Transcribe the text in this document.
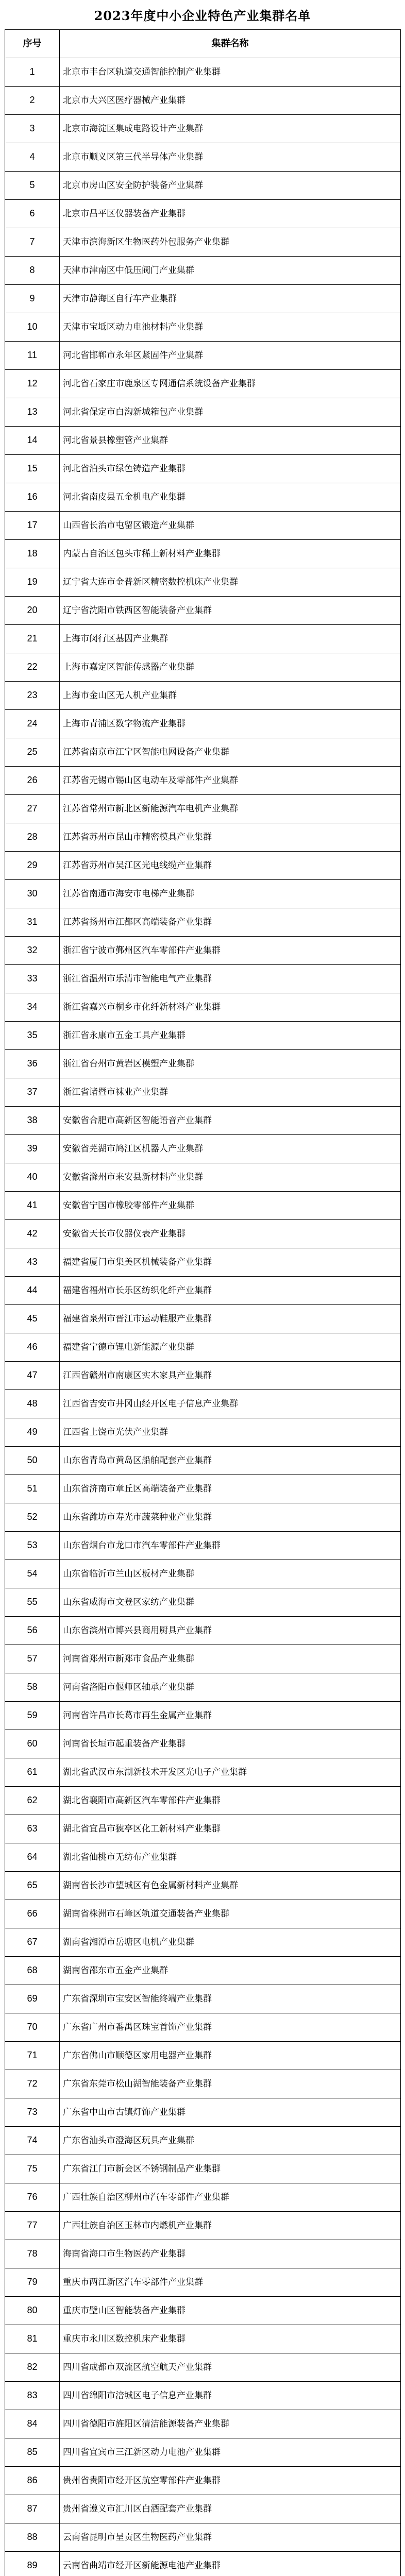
2023年度中小企业特色产业集群名单
序号	集群名称
1	北京市丰台区轨道交通智能控制产业集群
2	北京市大兴区医疗器械产业集群
3	北京市海淀区集成电路设计产业集群
4	北京市顺义区第三代半导体产业集群
5	北京市房山区安全防护装备产业集群
6	北京市昌平区仪器装备产业集群
7	天津市滨海新区生物医药外包服务产业集群
8	天津市津南区中低压阀门产业集群
9	天津市静海区自行车产业集群
10	天津市宝坻区动力电池材料产业集群
11	河北省邯郸市永年区紧固件产业集群
12	河北省石家庄市鹿泉区专网通信系统设备产业集群
13	河北省保定市白沟新城箱包产业集群
14	河北省景县橡塑管产业集群
15	河北省泊头市绿色铸造产业集群
16	河北省南皮县五金机电产业集群
17	山西省长治市屯留区锻造产业集群
18	内蒙古自治区包头市稀土新材料产业集群
19	辽宁省大连市金普新区精密数控机床产业集群
20	辽宁省沈阳市铁西区智能装备产业集群
21	上海市闵行区基因产业集群
22	上海市嘉定区智能传感器产业集群
23	上海市金山区无人机产业集群
24	上海市青浦区数字物流产业集群
25	江苏省南京市江宁区智能电网设备产业集群
26	江苏省无锡市锡山区电动车及零部件产业集群
27	江苏省常州市新北区新能源汽车电机产业集群
28	江苏省苏州市昆山市精密模具产业集群
29	江苏省苏州市吴江区光电线缆产业集群
30	江苏省南通市海安市电梯产业集群
31	江苏省扬州市江都区高端装备产业集群
32	浙江省宁波市鄞州区汽车零部件产业集群
33	浙江省温州市乐清市智能电气产业集群
34	浙江省嘉兴市桐乡市化纤新材料产业集群
35	浙江省永康市五金工具产业集群
36	浙江省台州市黄岩区模塑产业集群
37	浙江省诸暨市袜业产业集群
38	安徽省合肥市高新区智能语音产业集群
39	安徽省芜湖市鸠江区机器人产业集群
40	安徽省滁州市来安县新材料产业集群
41	安徽省宁国市橡胶零部件产业集群
42	安徽省天长市仪器仪表产业集群
43	福建省厦门市集美区机械装备产业集群
44	福建省福州市长乐区纺织化纤产业集群
45	福建省泉州市晋江市运动鞋服产业集群
46	福建省宁德市锂电新能源产业集群
47	江西省赣州市南康区实木家具产业集群
48	江西省吉安市井冈山经开区电子信息产业集群
49	江西省上饶市光伏产业集群
50	山东省青岛市黄岛区船舶配套产业集群
51	山东省济南市章丘区高端装备产业集群
52	山东省潍坊市寿光市蔬菜种业产业集群
53	山东省烟台市龙口市汽车零部件产业集群
54	山东省临沂市兰山区板材产业集群
55	山东省威海市文登区家纺产业集群
56	山东省滨州市博兴县商用厨具产业集群
57	河南省郑州市新郑市食品产业集群
58	河南省洛阳市偃师区轴承产业集群
59	河南省许昌市长葛市再生金属产业集群
60	河南省长垣市起重装备产业集群
61	湖北省武汉市东湖新技术开发区光电子产业集群
62	湖北省襄阳市高新区汽车零部件产业集群
63	湖北省宜昌市猇亭区化工新材料产业集群
64	湖北省仙桃市无纺布产业集群
65	湖南省长沙市望城区有色金属新材料产业集群
66	湖南省株洲市石峰区轨道交通装备产业集群
67	湖南省湘潭市岳塘区电机产业集群
68	湖南省邵东市五金产业集群
69	广东省深圳市宝安区智能终端产业集群
70	广东省广州市番禺区珠宝首饰产业集群
71	广东省佛山市顺德区家用电器产业集群
72	广东省东莞市松山湖智能装备产业集群
73	广东省中山市古镇灯饰产业集群
74	广东省汕头市澄海区玩具产业集群
75	广东省江门市新会区不锈钢制品产业集群
76	广西壮族自治区柳州市汽车零部件产业集群
77	广西壮族自治区玉林市内燃机产业集群
78	海南省海口市生物医药产业集群
79	重庆市两江新区汽车零部件产业集群
80	重庆市璧山区智能装备产业集群
81	重庆市永川区数控机床产业集群
82	四川省成都市双流区航空航天产业集群
83	四川省绵阳市涪城区电子信息产业集群
84	四川省德阳市旌阳区清洁能源装备产业集群
85	四川省宜宾市三江新区动力电池产业集群
86	贵州省贵阳市经开区航空零部件产业集群
87	贵州省遵义市汇川区白酒配套产业集群
88	云南省昆明市呈贡区生物医药产业集群
89	云南省曲靖市经开区新能源电池产业集群
